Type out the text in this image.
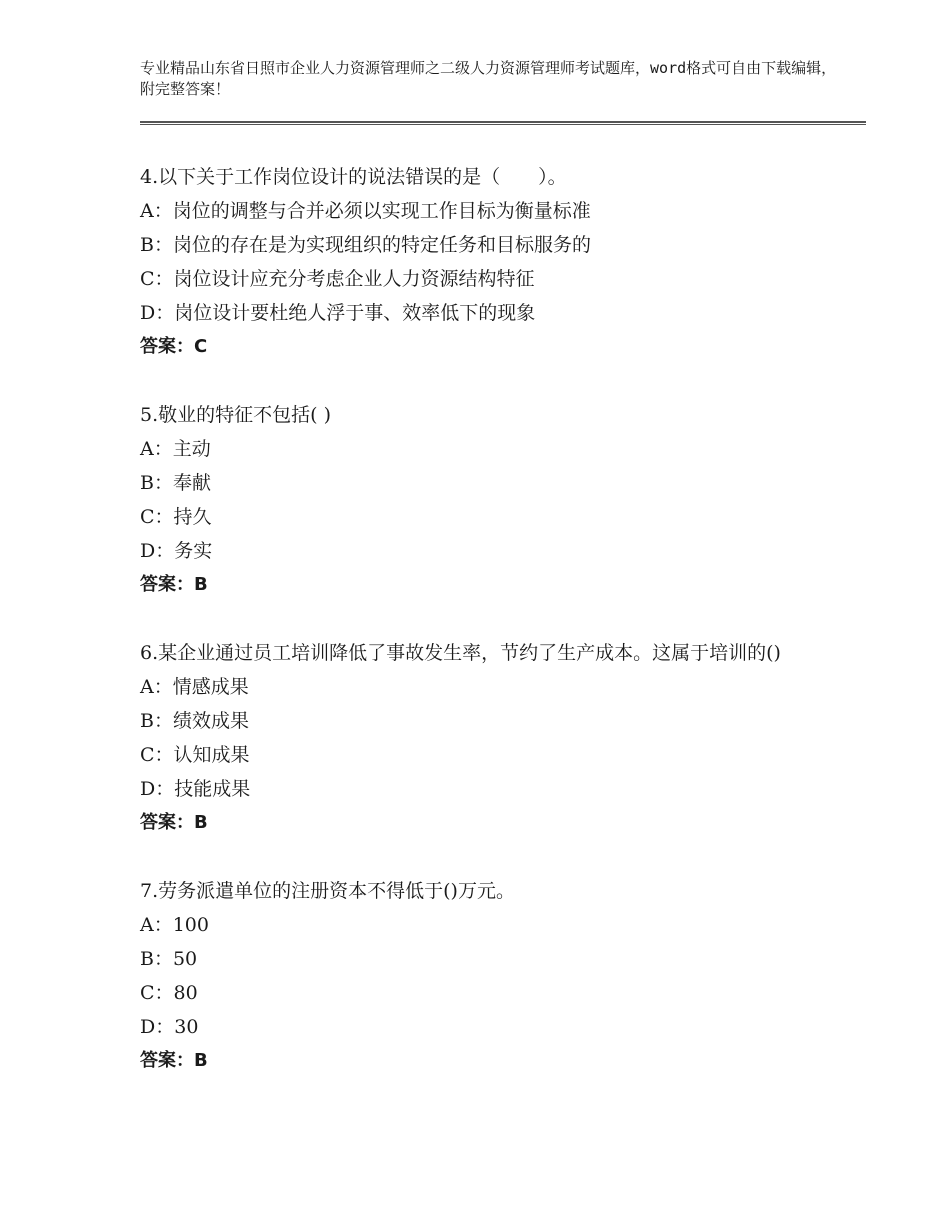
专业精品山东省日照市企业人力资源管理师之二级人力资源管理师考试题库，word格式可自由下载编辑，附完整答案！
4.以下关于工作岗位设计的说法错误的是（　　）。
A：岗位的调整与合并必须以实现工作目标为衡量标准
B：岗位的存在是为实现组织的特定任务和目标服务的
C：岗位设计应充分考虑企业人力资源结构特征
D：岗位设计要杜绝人浮于事、效率低下的现象
答案：C
5.敬业的特征不包括( )
A：主动
B：奉献
C：持久
D：务实
答案：B
6.某企业通过员工培训降低了事故发生率，节约了生产成本。这属于培训的()
A：情感成果
B：绩效成果
C：认知成果
D：技能成果
答案：B
7.劳务派遣单位的注册资本不得低于()万元。
A：100
B：50
C：80
D：30
答案：B
